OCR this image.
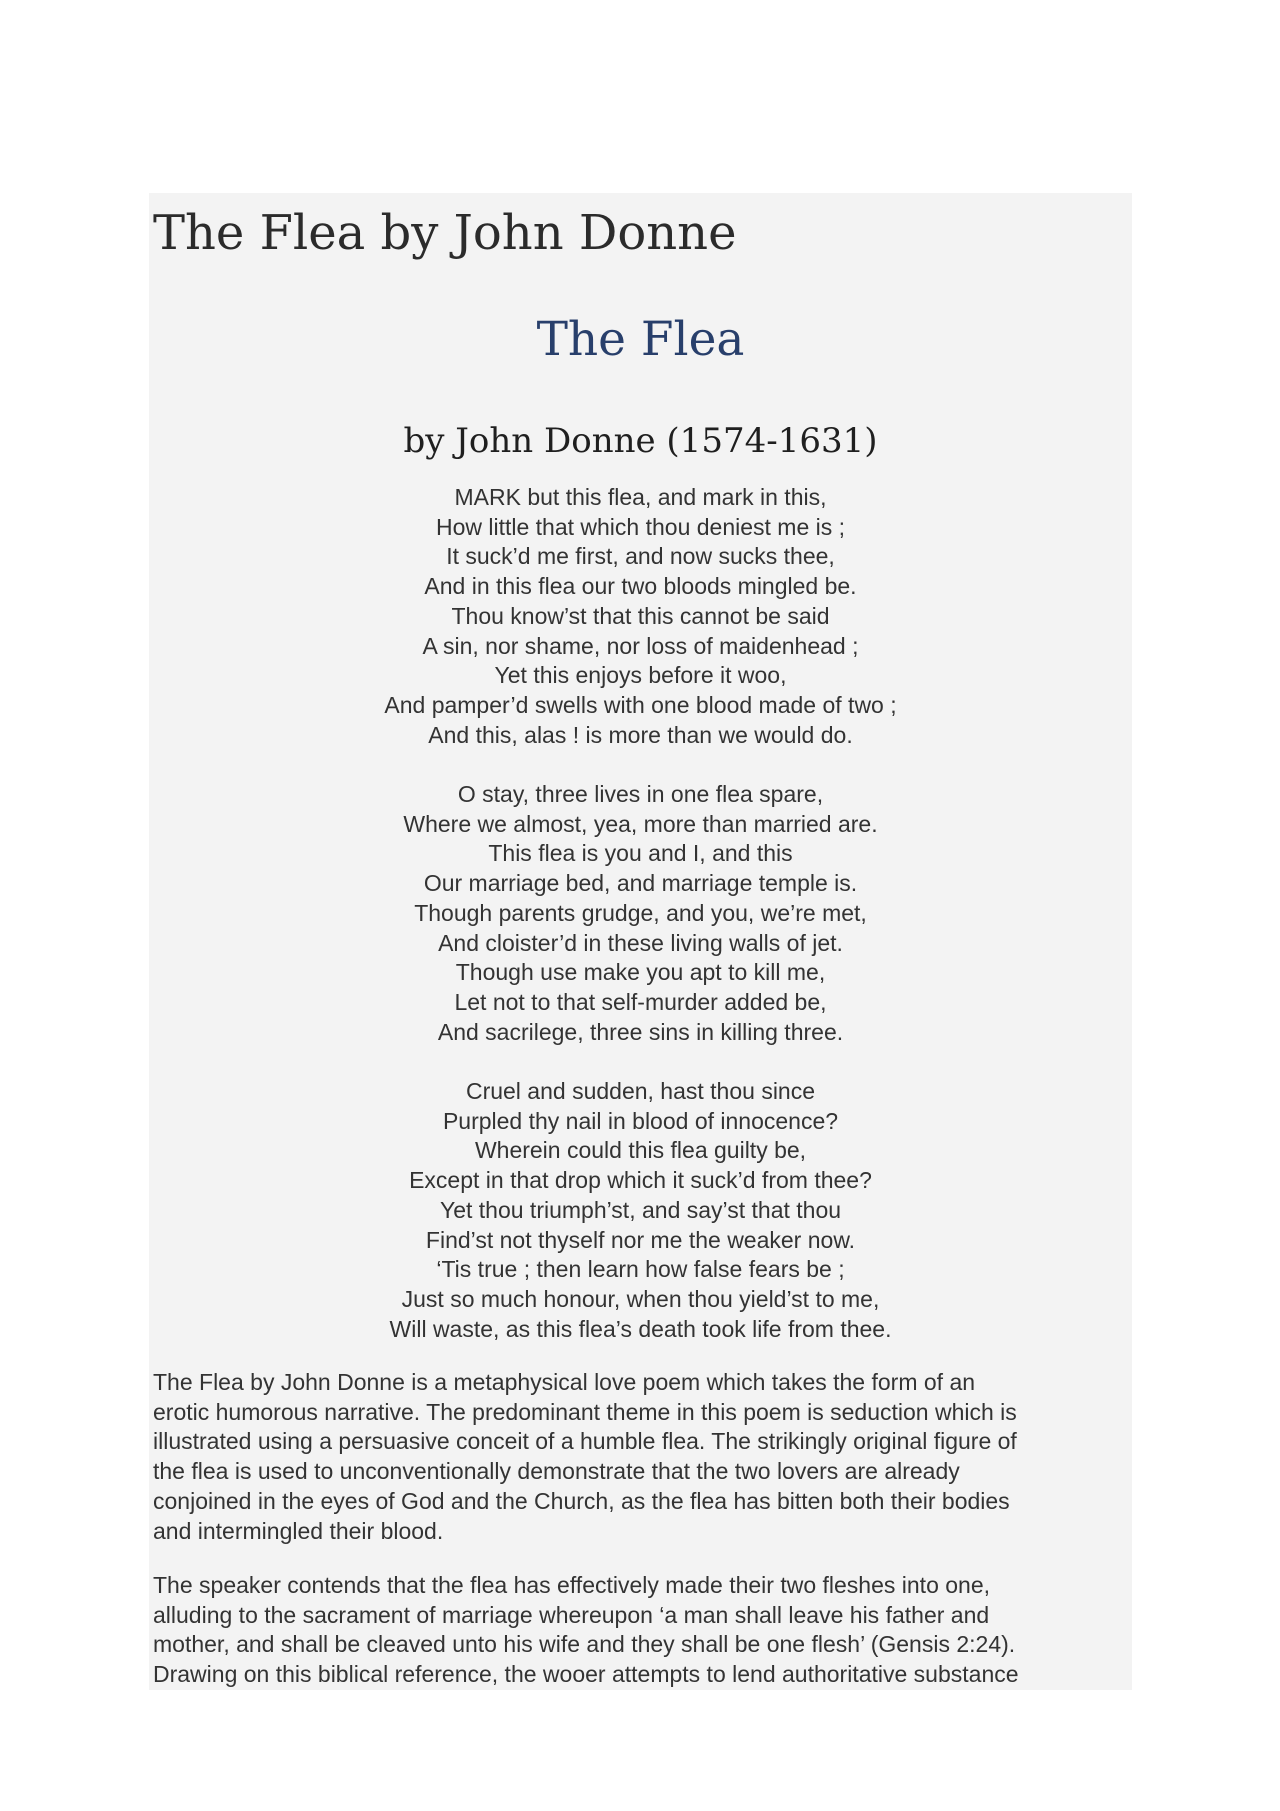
The Flea by John Donne
The Flea
by John Donne (1574-1631)
MARK but this flea, and mark in this,
How little that which thou deniest me is ;
It suck’d me first, and now sucks thee,
And in this flea our two bloods mingled be.
Thou know’st that this cannot be said
A sin, nor shame, nor loss of maidenhead ;
Yet this enjoys before it woo,
And pamper’d swells with one blood made of two ;
And this, alas ! is more than we would do.
O stay, three lives in one flea spare,
Where we almost, yea, more than married are.
This flea is you and I, and this
Our marriage bed, and marriage temple is.
Though parents grudge, and you, we’re met,
And cloister’d in these living walls of jet.
Though use make you apt to kill me,
Let not to that self-murder added be,
And sacrilege, three sins in killing three.
Cruel and sudden, hast thou since
Purpled thy nail in blood of innocence?
Wherein could this flea guilty be,
Except in that drop which it suck’d from thee?
Yet thou triumph’st, and say’st that thou
Find’st not thyself nor me the weaker now.
‘Tis true ; then learn how false fears be ;
Just so much honour, when thou yield’st to me,
Will waste, as this flea’s death took life from thee.

The Flea by John Donne is a metaphysical love poem which takes the form of an
erotic humorous narrative. The predominant theme in this poem is seduction which is
illustrated using a persuasive conceit of a humble flea. The strikingly original figure of
the flea is used to unconventionally demonstrate that the two lovers are already
conjoined in the eyes of God and the Church, as the flea has bitten both their bodies
and intermingled their blood.

The speaker contends that the flea has effectively made their two fleshes into one,
alluding to the sacrament of marriage whereupon ‘a man shall leave his father and
mother, and shall be cleaved unto his wife and they shall be one flesh’ (Gensis 2:24).
Drawing on this biblical reference, the wooer attempts to lend authoritative substance
